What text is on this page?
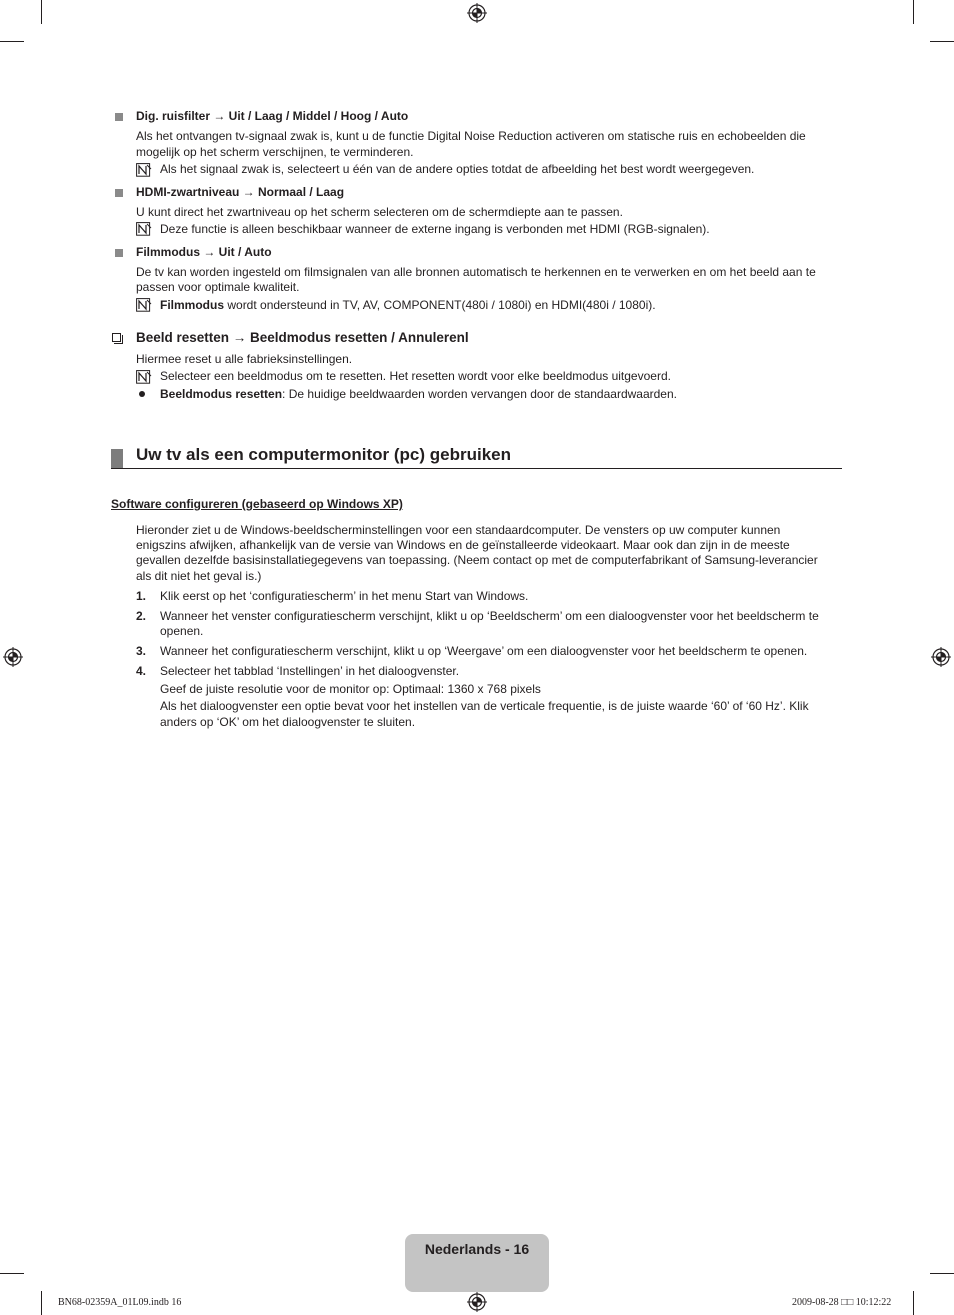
Dig. ruisfilter → Uit / Laag / Middel / Hoog / Auto
Als het ontvangen tv-signaal zwak is, kunt u de functie Digital Noise Reduction activeren om statische ruis en echobeelden die
mogelijk op het scherm verschijnen, te verminderen.
Als het signaal zwak is, selecteert u één van de andere opties totdat de afbeelding het best wordt weergegeven.
HDMI-zwartniveau → Normaal / Laag
U kunt direct het zwartniveau op het scherm selecteren om de schermdiepte aan te passen.
Deze functie is alleen beschikbaar wanneer de externe ingang is verbonden met HDMI (RGB-signalen).
Filmmodus → Uit / Auto
De tv kan worden ingesteld om filmsignalen van alle bronnen automatisch te herkennen en te verwerken en om het beeld aan te
passen voor optimale kwaliteit.
Filmmodus wordt ondersteund in TV, AV, COMPONENT(480i / 1080i) en HDMI(480i / 1080i).
Beeld resetten → Beeldmodus resetten / Annulerenl
Hiermee reset u alle fabrieksinstellingen.
Selecteer een beeldmodus om te resetten. Het resetten wordt voor elke beeldmodus uitgevoerd.
Beeldmodus resetten: De huidige beeldwaarden worden vervangen door de standaardwaarden.
Uw tv als een computermonitor (pc) gebruiken
Software configureren (gebaseerd op Windows XP)
Hieronder ziet u de Windows-beeldscherminstellingen voor een standaardcomputer. De vensters op uw computer kunnen
enigszins afwijken, afhankelijk van de versie van Windows en de geïnstalleerde videokaart. Maar ook dan zijn in de meeste
gevallen dezelfde basisinstallatiegegevens van toepassing. (Neem contact op met de computerfabrikant of Samsung-leverancier
als dit niet het geval is.)
1. Klik eerst op het ‘configuratiescherm’ in het menu Start van Windows.
2. Wanneer het venster configuratiescherm verschijnt, klikt u op ‘Beeldscherm’ om een dialoogvenster voor het beeldscherm te
openen.
3. Wanneer het configuratiescherm verschijnt, klikt u op ‘Weergave’ om een dialoogvenster voor het beeldscherm te openen.
4. Selecteer het tabblad ‘Instellingen’ in het dialoogvenster.
Geef de juiste resolutie voor de monitor op: Optimaal: 1360 x 768 pixels
Als het dialoogvenster een optie bevat voor het instellen van de verticale frequentie, is de juiste waarde ‘60’ of ‘60 Hz’. Klik
anders op ‘OK’ om het dialoogvenster te sluiten.
Nederlands - 16
BN68-02359A_01L09.indb 16	2009-08-28 □□ 10:12:22
